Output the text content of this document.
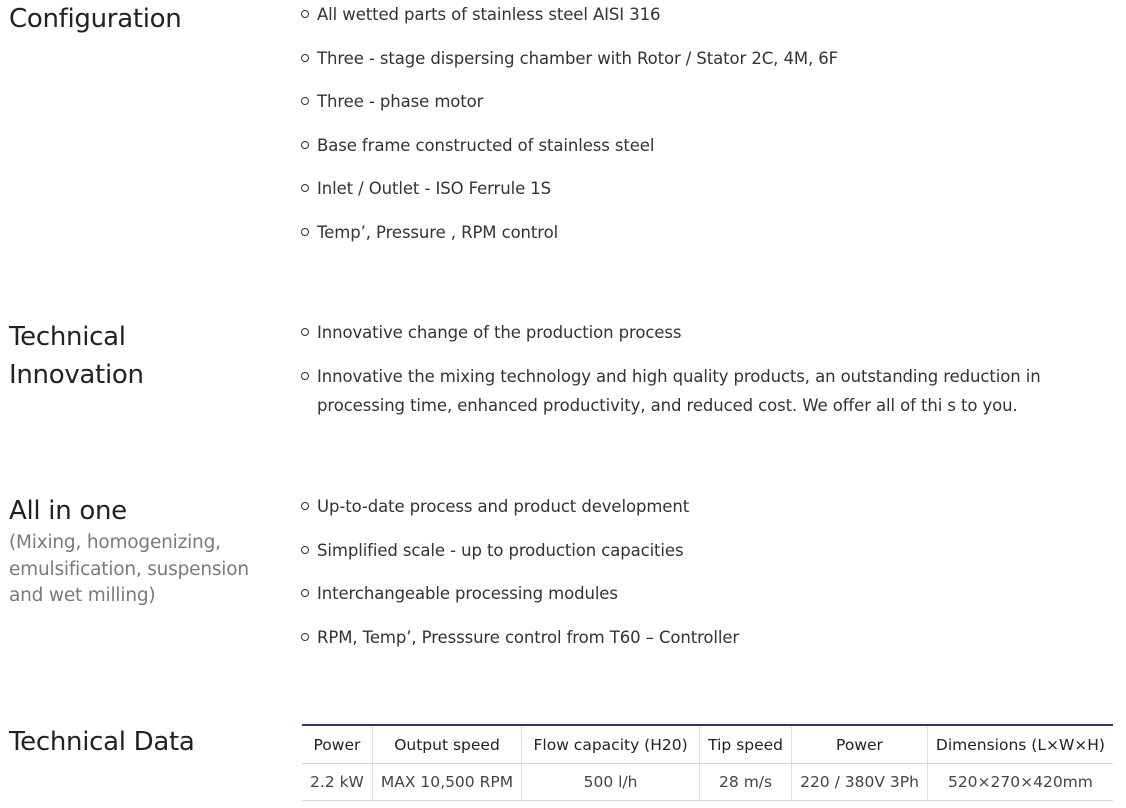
Configuration	All wetted parts of stainless steel AISI 316
Three - stage dispersing chamber with Rotor / Stator 2C, 4M, 6F
Three - phase motor
Base frame constructed of stainless steel
Inlet / Outlet - ISO Ferrule 1S
Temp’, Pressure , RPM control
Technical
Innovation
Innovative change of the production process
Innovative the mixing technology and high quality products, an outstanding reduction in processing time, enhanced productivity, and reduced cost. We offer all of thi s to you.
All in one

(Mixing, homogenizing,
emulsification, suspension
and wet milling)

Up-to-date process and product development
Simplified scale - up to production capacities
Interchangeable processing modules
RPM, Temp’, Presssure control from T60 – Controller
Technical Data	Power	Output speed	Flow capacity (H20)	Tip speed	Power	Dimensions (L×W×H)
2.2 kW	MAX 10,500 RPM	500 l/h	28 m/s	220 / 380V 3Ph	520×270×420mm
